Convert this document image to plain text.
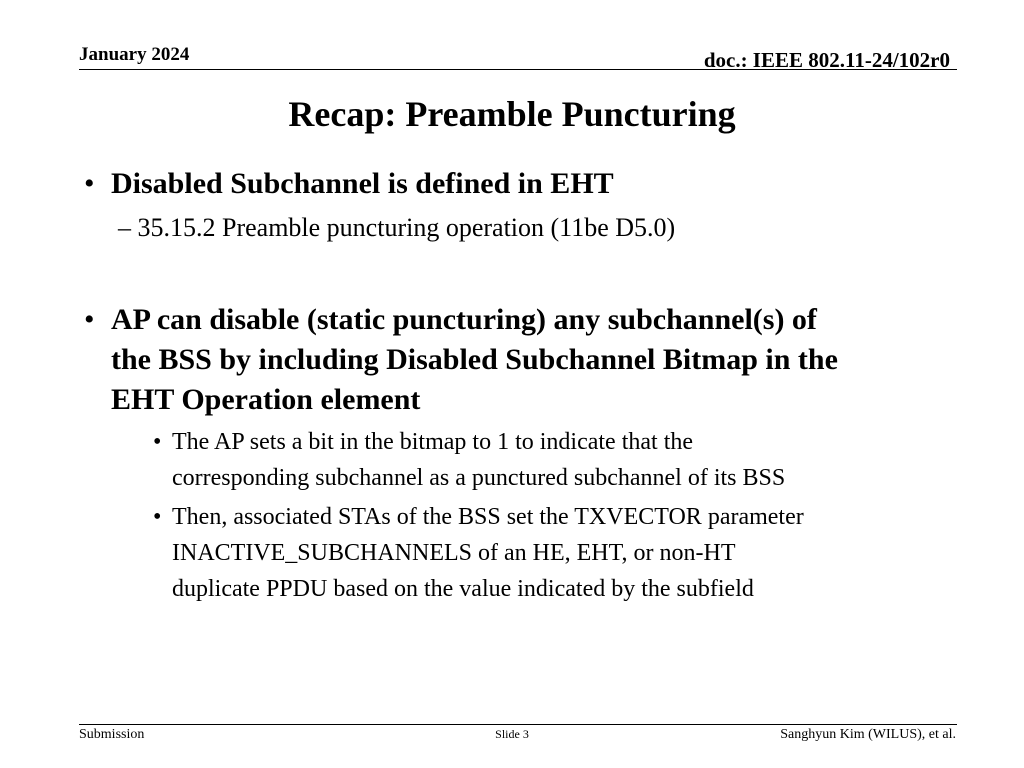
January 2024	doc.: IEEE 802.11-24/102r0
Recap: Preamble Puncturing
• Disabled Subchannel is defined in EHT
– 35.15.2 Preamble puncturing operation (11be D5.0)
• AP can disable (static puncturing) any subchannel(s) of
the BSS by including Disabled Subchannel Bitmap in the
EHT Operation element
• The AP sets a bit in the bitmap to 1 to indicate that the
corresponding subchannel as a punctured subchannel of its BSS
• Then, associated STAs of the BSS set the TXVECTOR parameter
INACTIVE_SUBCHANNELS of an HE, EHT, or non-HT
duplicate PPDU based on the value indicated by the subfield
Submission	Slide 3	Sanghyun Kim (WILUS), et al.
